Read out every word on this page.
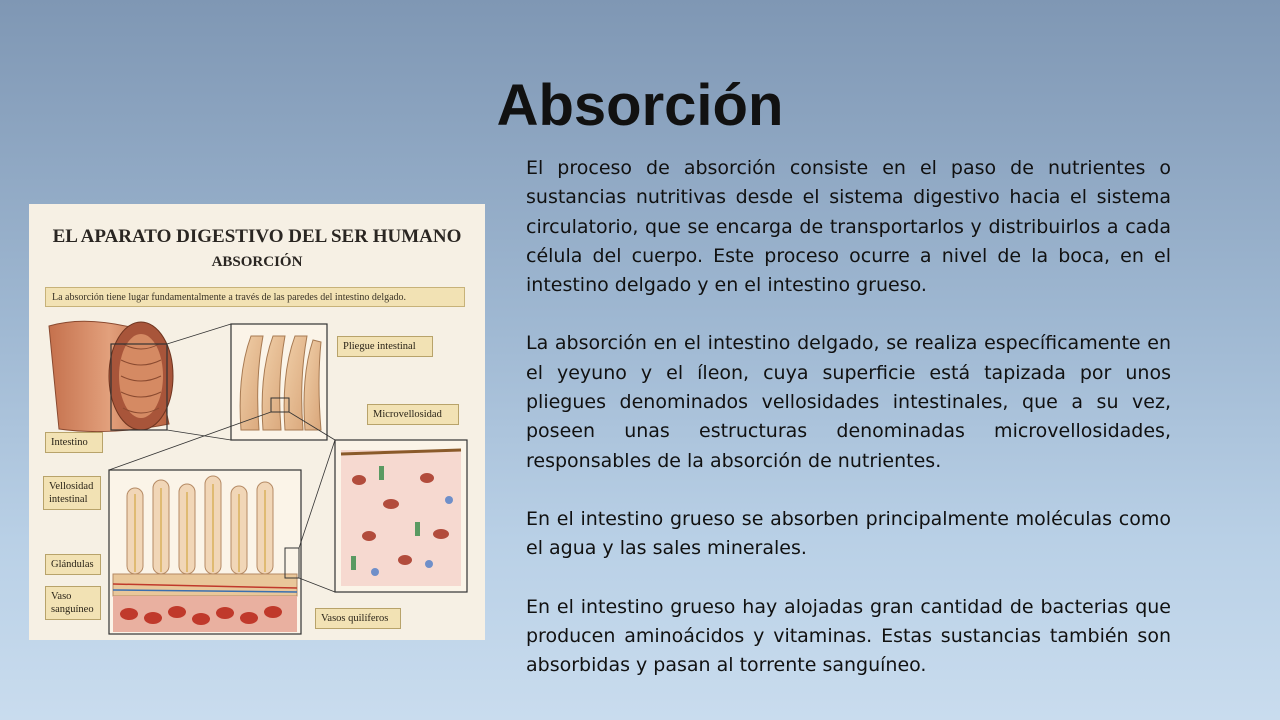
Absorción
EL APARATO DIGESTIVO DEL SER HUMANO
ABSORCIÓN
La absorción tiene lugar fundamentalmente a través de las paredes del intestino delgado.
Pliegue intestinal
Microvellosidad
Intestino
Vellosidad intestinal
Glándulas
Vaso sanguíneo
Vasos quilíferos

El proceso de absorción consiste en el paso de nutrientes o sustancias nutritivas desde el sistema digestivo hacia el sistema circulatorio, que se encarga de transportarlos y distribuirlos a cada célula del cuerpo. Este proceso ocurre a nivel de la boca, en el intestino delgado y en el intestino grueso.

La absorción en el intestino delgado, se realiza específicamente en el yeyuno y el íleon, cuya superficie está tapizada por unos pliegues denominados vellosidades intestinales, que a su vez, poseen unas estructuras denominadas microvellosidades, responsables de la absorción de nutrientes.

En el intestino grueso se absorben principalmente moléculas como el agua y las sales minerales.

En el intestino grueso hay alojadas gran cantidad de bacterias que producen aminoácidos y vitaminas. Estas sustancias también son absorbidas y pasan al torrente sanguíneo.
